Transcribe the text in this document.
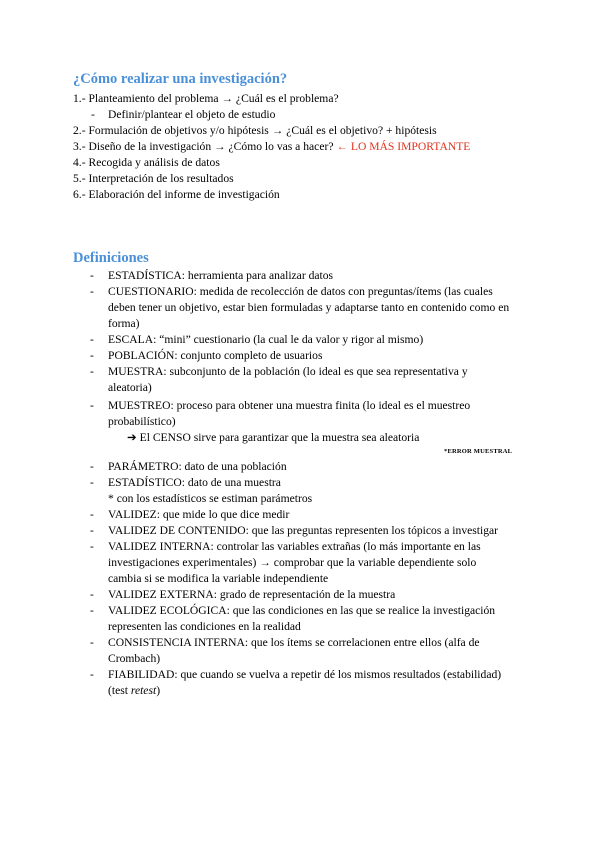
¿Cómo realizar una investigación?
1.- Planteamiento del problema → ¿Cuál es el problema?
- Definir/plantear el objeto de estudio
2.- Formulación de objetivos y/o hipótesis → ¿Cuál es el objetivo? + hipótesis
3.- Diseño de la investigación → ¿Cómo lo vas a hacer? ← LO MÁS IMPORTANTE
4.- Recogida y análisis de datos
5.- Interpretación de los resultados
6.- Elaboración del informe de investigación
Definiciones
- ESTADÍSTICA: herramienta para analizar datos
- CUESTIONARIO: medida de recolección de datos con preguntas/ítems (las cuales
deben tener un objetivo, estar bien formuladas y adaptarse tanto en contenido como en
forma)
- ESCALA: “mini” cuestionario (la cual le da valor y rigor al mismo)
- POBLACIÓN: conjunto completo de usuarios
- MUESTRA: subconjunto de la población (lo ideal es que sea representativa y
aleatoria)
- MUESTREO: proceso para obtener una muestra finita (lo ideal es el muestreo
probabilístico)
➔ El CENSO sirve para garantizar que la muestra sea aleatoria
*ERROR MUESTRAL
- PARÁMETRO: dato de una población
- ESTADÍSTICO: dato de una muestra
* con los estadísticos se estiman parámetros
- VALIDEZ: que mide lo que dice medir
- VALIDEZ DE CONTENIDO: que las preguntas representen los tópicos a investigar
- VALIDEZ INTERNA: controlar las variables extrañas (lo más importante en las
investigaciones experimentales) → comprobar que la variable dependiente solo
cambia si se modifica la variable independiente
- VALIDEZ EXTERNA: grado de representación de la muestra
- VALIDEZ ECOLÓGICA: que las condiciones en las que se realice la investigación
representen las condiciones en la realidad
- CONSISTENCIA INTERNA: que los ítems se correlacionen entre ellos (alfa de
Crombach)
- FIABILIDAD: que cuando se vuelva a repetir dé los mismos resultados (estabilidad)
(test retest)
